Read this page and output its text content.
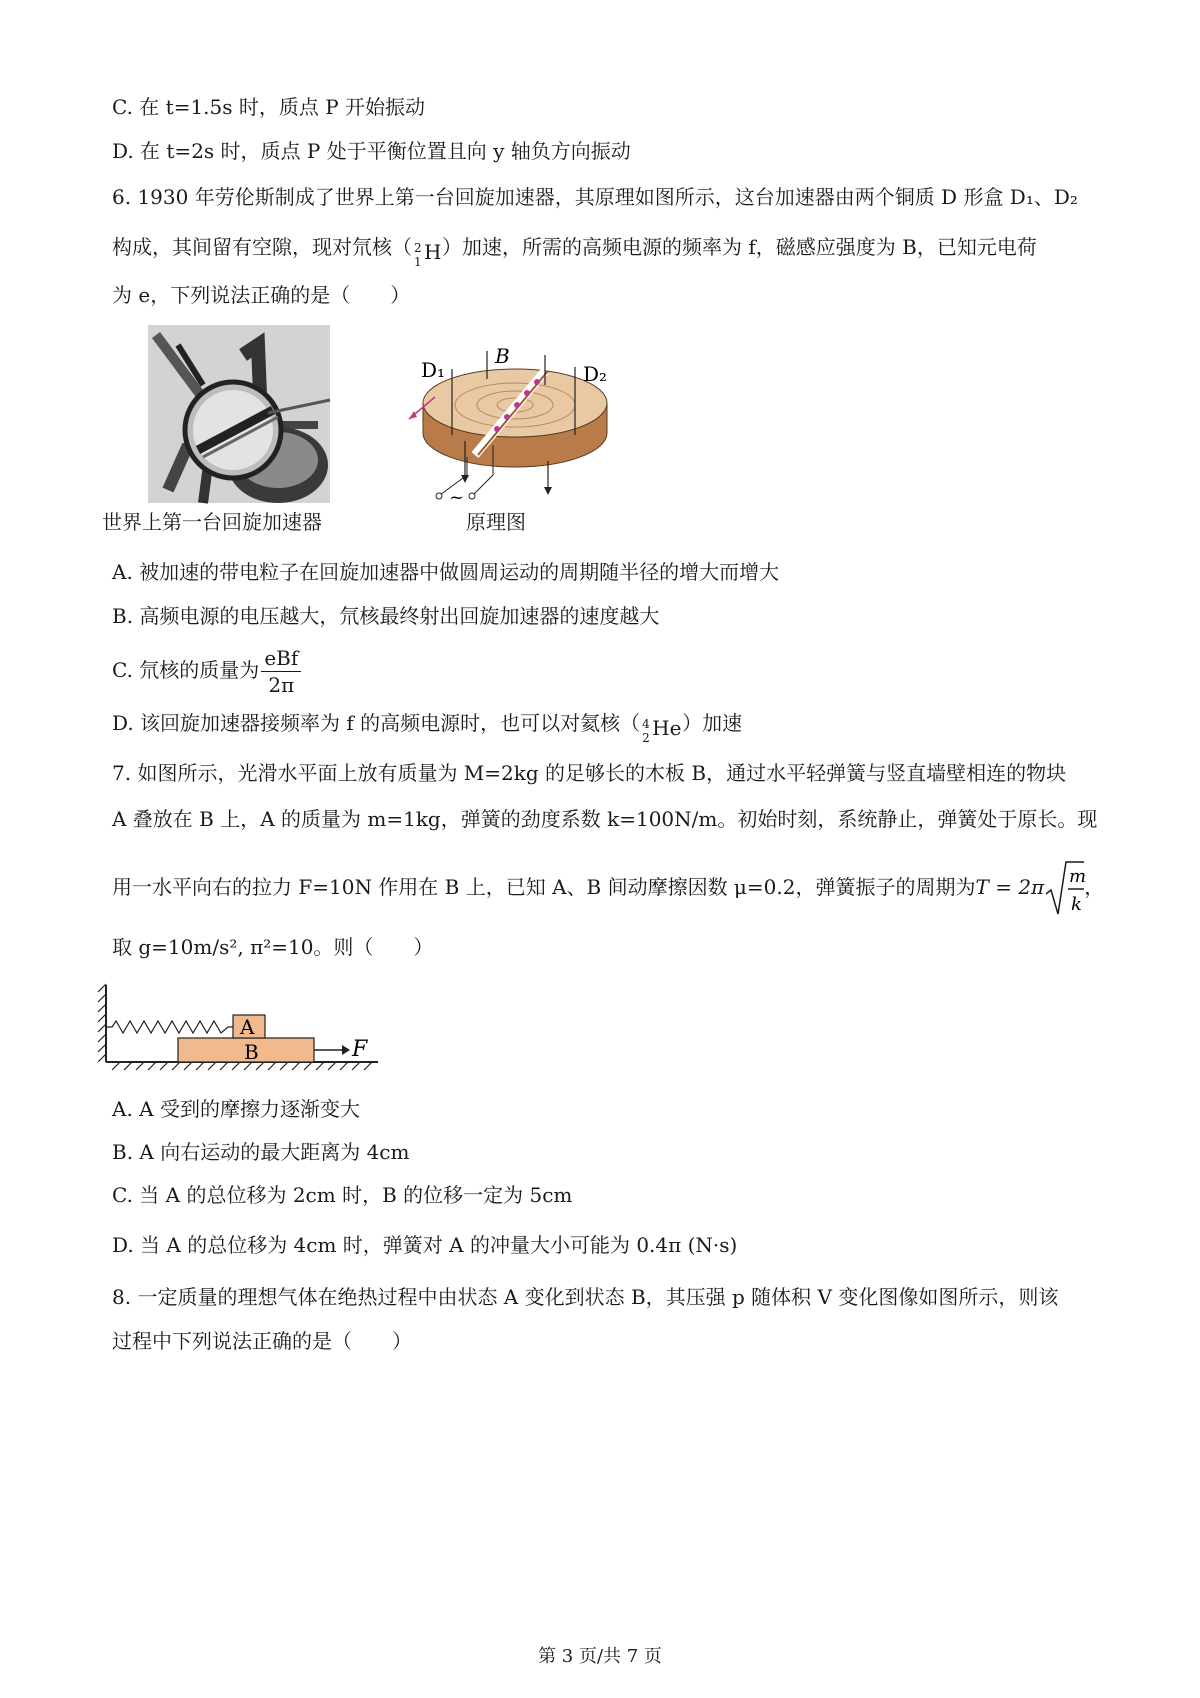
C. 在 t=1.5s 时，质点 P 开始振动
D. 在 t=2s 时，质点 P 处于平衡位置且向 y 轴负方向振动
6. 1930 年劳伦斯制成了世界上第一台回旋加速器，其原理如图所示，这台加速器由两个铜质 D 形盒 D₁、D₂
构成，其间留有空隙，现对氘核（ 2
1 H ）加速，所需的高频电源的频率为 f，磁感应强度为 B，已知元电荷
为 e，下列说法正确的是（　　）
世界上第一台回旋加速器
~
D₁	D₂
B
原理图
A. 被加速的带电粒子在回旋加速器中做圆周运动的周期随半径的增大而增大
B. 高频电源的电压越大，氘核最终射出回旋加速器的速度越大
C. 氘核的质量为 $\frac{\text{eBf}}{2\pi}$
D. 该回旋加速器接频率为 f 的高频电源时，也可以对氦核（ 4
2 He ）加速
7. 如图所示，光滑水平面上放有质量为 M=2kg 的足够长的木板 B，通过水平轻弹簧与竖直墙壁相连的物块
A 叠放在 B 上，A 的质量为 m=1kg，弹簧的劲度系数 k=100N/m。初始时刻，系统静止，弹簧处于原长。现
用一水平向右的拉力 F=10N 作用在 B 上，已知 A、B 间动摩擦因数 μ=0.2，弹簧振子的周期为T = 2π m
k
，
取 g=10m/s², π²=10。则（　　）
A
B	F
A. A 受到的摩擦力逐渐变大
B. A 向右运动的最大距离为 4cm
C. 当 A 的总位移为 2cm 时，B 的位移一定为 5cm
D. 当 A 的总位移为 4cm 时，弹簧对 A 的冲量大小可能为 0.4π (N·s)
8. 一定质量的理想气体在绝热过程中由状态 A 变化到状态 B，其压强 p 随体积 V 变化图像如图所示，则该
过程中下列说法正确的是（　　）
第 3 页/共 7 页
